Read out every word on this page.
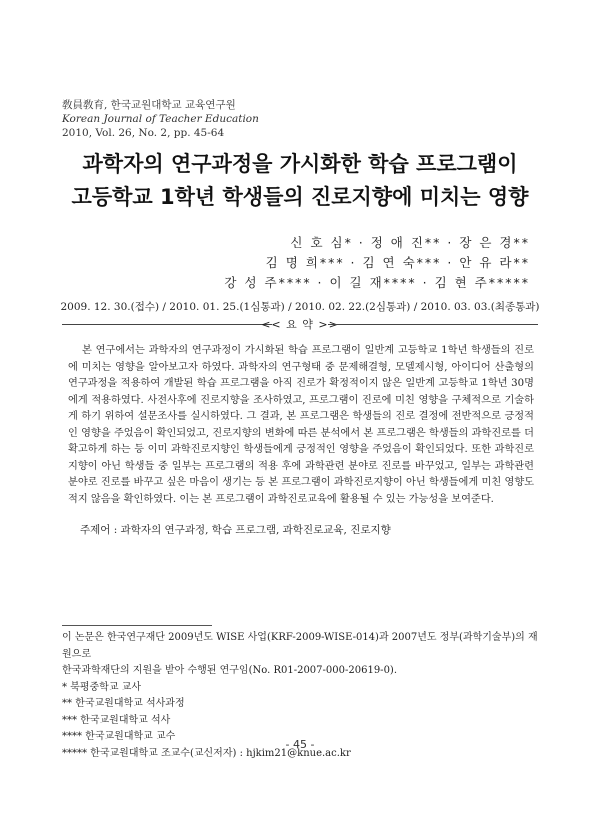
敎員敎育, 한국교원대학교 교육연구원
Korean Journal of Teacher Education
2010, Vol. 26, No. 2, pp. 45-64
과학자의 연구과정을 가시화한 학습 프로그램이
고등학교 1학년 학생들의 진로지향에 미치는 영향
신 호 심* · 정 애 진** · 장 은 경**
김 명 희*** · 김 연 숙*** · 안 유 라**
강 성 주**** · 이 길 재**** · 김 현 주*****
2009. 12. 30.(접수) / 2010. 01. 25.(1심통과) / 2010. 02. 22.(2심통과) / 2010. 03. 03.(최종통과)
<< 요 약 >>

본 연구에서는 과학자의 연구과정이 가시화된 학습 프로그램이 일반계 고등학교 1학년 학생들의 진로에 미치는 영향을 알아보고자 하였다. 과학자의 연구형태 중 문제해결형, 모델제시형, 아이디어 산출형의 연구과정을 적용하여 개발된 학습 프로그램을 아직 진로가 확정적이지 않은 일반계 고등학교 1학년 30명에게 적용하였다. 사전사후에 진로지향을 조사하였고, 프로그램이 진로에 미친 영향을 구체적으로 기술하게 하기 위하여 설문조사를 실시하였다. 그 결과, 본 프로그램은 학생들의 진로 결정에 전반적으로 긍정적인 영향을 주었음이 확인되었고, 진로지향의 변화에 따른 분석에서 본 프로그램은 학생들의 과학진로를 더 확고하게 하는 등 이미 과학진로지향인 학생들에게 긍정적인 영향을 주었음이 확인되었다. 또한 과학진로지향이 아닌 학생들 중 일부는 프로그램의 적용 후에 과학관련 분야로 진로를 바꾸었고, 일부는 과학관련 분야로 진로를 바꾸고 싶은 마음이 생기는 등 본 프로그램이 과학진로지향이 아닌 학생들에게 미친 영향도 적지 않음을 확인하였다. 이는 본 프로그램이 과학진로교육에 활용될 수 있는 가능성을 보여준다.

주제어 : 과학자의 연구과정, 학습 프로그램, 과학진로교육, 진로지향
이 논문은 한국연구재단 2009년도 WISE 사업(KRF-2009-WISE-014)과 2007년도 정부(과학기술부)의 재원으로
한국과학재단의 지원을 받아 수행된 연구임(No. R01-2007-000-20619-0).
* 북평중학교 교사
** 한국교원대학교 석사과정
*** 한국교원대학교 석사
**** 한국교원대학교 교수
***** 한국교원대학교 조교수(교신저자) : hjkim21@knue.ac.kr
- 45 -
